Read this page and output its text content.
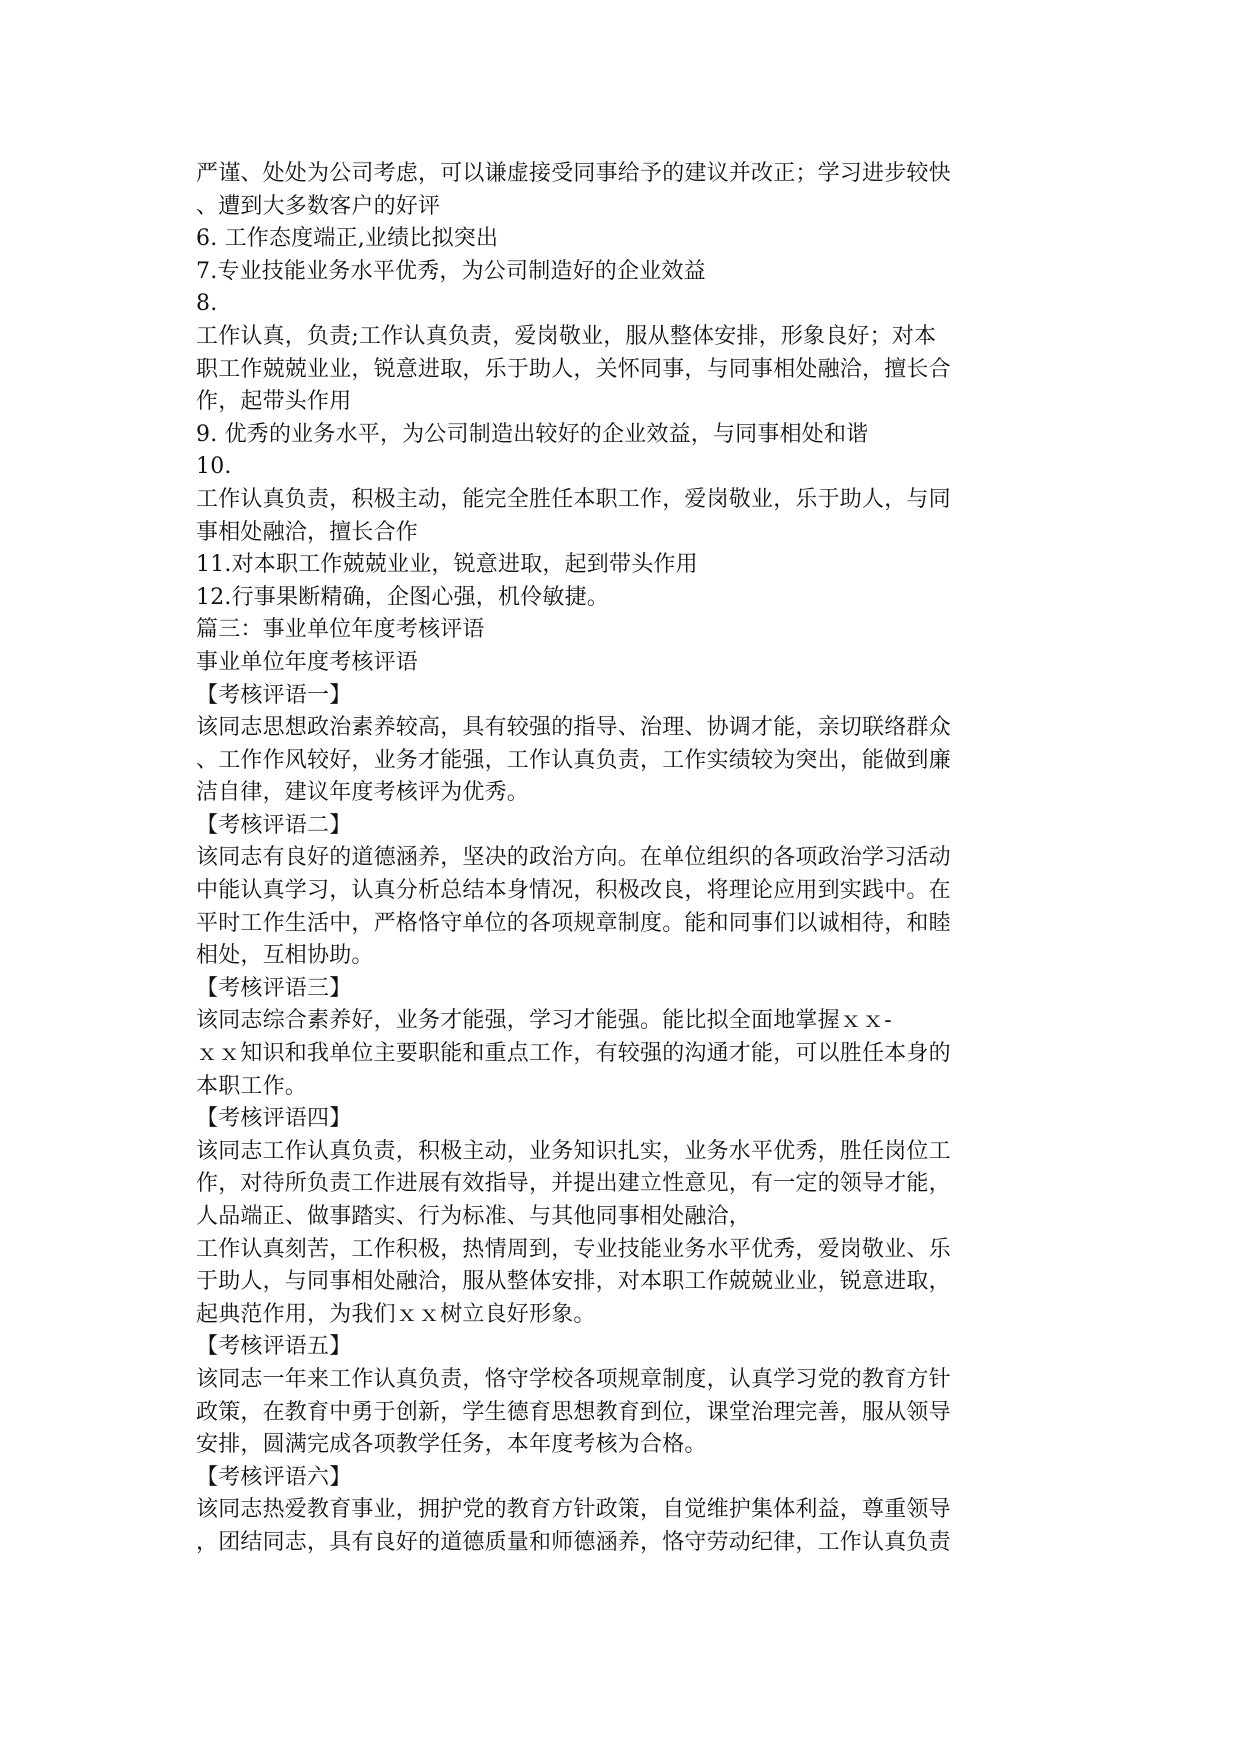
严谨、处处为公司考虑，可以谦虚接受同事给予的建议并改正；学习进步较快
、遭到大多数客户的好评
6. 工作态度端正,业绩比拟突出
7.专业技能业务水平优秀，为公司制造好的企业效益
8.
工作认真，负责;工作认真负责，爱岗敬业，服从整体安排，形象良好；对本
职工作兢兢业业，锐意进取，乐于助人，关怀同事，与同事相处融洽，擅长合
作，起带头作用
9. 优秀的业务水平，为公司制造出较好的企业效益，与同事相处和谐
10.
工作认真负责，积极主动，能完全胜任本职工作，爱岗敬业，乐于助人，与同
事相处融洽，擅长合作
11.对本职工作兢兢业业，锐意进取，起到带头作用
12.行事果断精确，企图心强，机伶敏捷。
篇三：事业单位年度考核评语
事业单位年度考核评语
【考核评语一】
该同志思想政治素养较高，具有较强的指导、治理、协调才能，亲切联络群众
、工作作风较好，业务才能强，工作认真负责，工作实绩较为突出，能做到廉
洁自律，建议年度考核评为优秀。
【考核评语二】
该同志有良好的道德涵养，坚决的政治方向。在单位组织的各项政治学习活动
中能认真学习，认真分析总结本身情况，积极改良，将理论应用到实践中。在
平时工作生活中，严格恪守单位的各项规章制度。能和同事们以诚相待，和睦
相处，互相协助。
【考核评语三】
该同志综合素养好，业务才能强，学习才能强。能比拟全面地掌握ｘｘ-
ｘｘ知识和我单位主要职能和重点工作，有较强的沟通才能，可以胜任本身的
本职工作。
【考核评语四】
该同志工作认真负责，积极主动，业务知识扎实，业务水平优秀，胜任岗位工
作，对待所负责工作进展有效指导，并提出建立性意见，有一定的领导才能，
人品端正、做事踏实、行为标准、与其他同事相处融洽，
工作认真刻苦，工作积极，热情周到，专业技能业务水平优秀，爱岗敬业、乐
于助人，与同事相处融洽，服从整体安排，对本职工作兢兢业业，锐意进取，
起典范作用，为我们ｘｘ树立良好形象。
【考核评语五】
该同志一年来工作认真负责，恪守学校各项规章制度，认真学习党的教育方针
政策，在教育中勇于创新，学生德育思想教育到位，课堂治理完善，服从领导
安排，圆满完成各项教学任务，本年度考核为合格。
【考核评语六】
该同志热爱教育事业，拥护党的教育方针政策，自觉维护集体利益，尊重领导
，团结同志，具有良好的道德质量和师德涵养，恪守劳动纪律，工作认真负责
